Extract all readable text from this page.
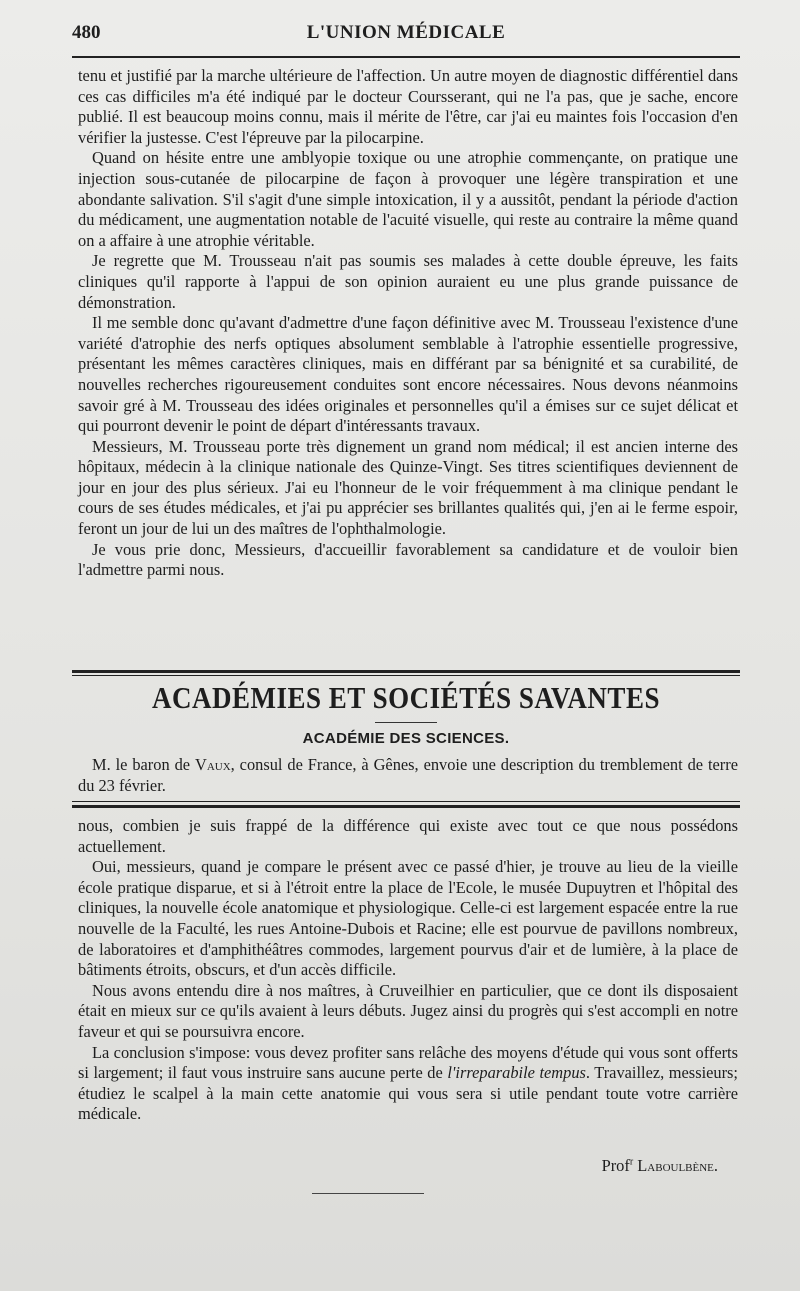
480	L'UNION MÉDICALE

tenu et justifié par la marche ultérieure de l'affection. Un autre moyen de diagnostic différentiel dans ces cas difficiles m'a été indiqué par le docteur Coursserant, qui ne l'a pas, que je sache, encore publié. Il est beaucoup moins connu, mais il mérite de l'être, car j'ai eu maintes fois l'occasion d'en vérifier la justesse. C'est l'épreuve par la pilocarpine.

Quand on hésite entre une amblyopie toxique ou une atrophie commençante, on pratique une injection sous-cutanée de pilocarpine de façon à provoquer une légère transpiration et une abondante salivation. S'il s'agit d'une simple intoxication, il y a aussitôt, pendant la période d'action du médicament, une augmentation notable de l'acuité visuelle, qui reste au contraire la même quand on a affaire à une atrophie véritable.

Je regrette que M. Trousseau n'ait pas soumis ses malades à cette double épreuve, les faits cliniques qu'il rapporte à l'appui de son opinion auraient eu une plus grande puissance de démonstration.

Il me semble donc qu'avant d'admettre d'une façon définitive avec M. Trousseau l'existence d'une variété d'atrophie des nerfs optiques absolument semblable à l'atrophie essentielle progressive, présentant les mêmes caractères cliniques, mais en différant par sa bénignité et sa curabilité, de nouvelles recherches rigoureusement conduites sont encore nécessaires. Nous devons néanmoins savoir gré à M. Trousseau des idées originales et personnelles qu'il a émises sur ce sujet délicat et qui pourront devenir le point de départ d'intéressants travaux.

Messieurs, M. Trousseau porte très dignement un grand nom médical; il est ancien interne des hôpitaux, médecin à la clinique nationale des Quinze-Vingt. Ses titres scientifiques deviennent de jour en jour des plus sérieux. J'ai eu l'honneur de le voir fréquemment à ma clinique pendant le cours de ses études médicales, et j'ai pu apprécier ses brillantes qualités qui, j'en ai le ferme espoir, feront un jour de lui un des maîtres de l'ophthalmologie.

Je vous prie donc, Messieurs, d'accueillir favorablement sa candidature et de vouloir bien l'admettre parmi nous.

ACADÉMIES ET SOCIÉTÉS SAVANTES
ACADÉMIE DES SCIENCES.

M. le baron de Vaux, consul de France, à Gênes, envoie une description du tremblement de terre du 23 février.

nous, combien je suis frappé de la différence qui existe avec tout ce que nous possédons actuellement.

Oui, messieurs, quand je compare le présent avec ce passé d'hier, je trouve au lieu de la vieille école pratique disparue, et si à l'étroit entre la place de l'Ecole, le musée Dupuytren et l'hôpital des cliniques, la nouvelle école anatomique et physiologique. Celle-ci est largement espacée entre la rue nouvelle de la Faculté, les rues Antoine-Dubois et Racine; elle est pourvue de pavillons nombreux, de laboratoires et d'amphithéâtres commodes, largement pourvus d'air et de lumière, à la place de bâtiments étroits, obscurs, et d'un accès difficile.

Nous avons entendu dire à nos maîtres, à Cruveilhier en particulier, que ce dont ils disposaient était en mieux sur ce qu'ils avaient à leurs débuts. Jugez ainsi du progrès qui s'est accompli en notre faveur et qui se poursuivra encore.

La conclusion s'impose: vous devez profiter sans relâche des moyens d'étude qui vous sont offerts si largement; il faut vous instruire sans aucune perte de l'irreparabile tempus. Travaillez, messieurs; étudiez le scalpel à la main cette anatomie qui vous sera si utile pendant toute votre carrière médicale.

Prof$^r$ Laboulbène.
